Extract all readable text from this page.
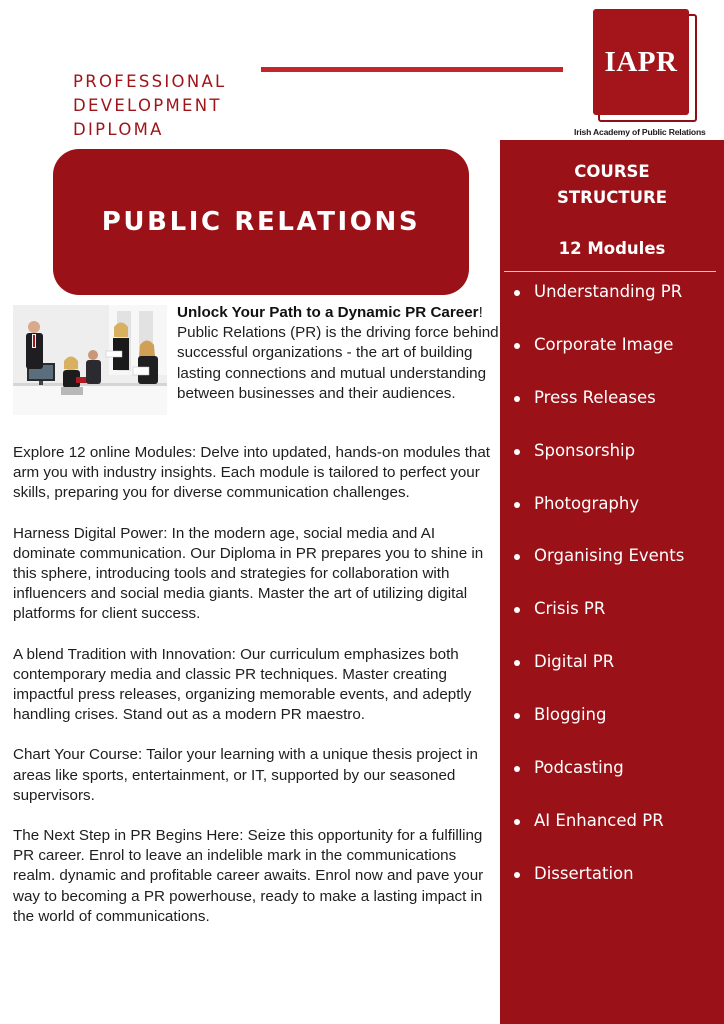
PROFESSIONAL
DEVELOPMENT
DIPLOMA
IAPR
Irish Academy of Public Relations
PUBLIC RELATIONS
COURSE
STRUCTURE
12 Modules
Understanding PR
Corporate Image
Press Releases
Sponsorship
Photography
Organising Events
Crisis PR
Digital PR
Blogging
Podcasting
AI Enhanced PR
Dissertation
Unlock Your Path to a Dynamic PR Career! Public Relations (PR) is the driving force behind successful organizations - the art of building lasting connections and mutual understanding between businesses and their audiences.
Explore 12 online Modules: Delve into updated, hands-on modules that arm you with industry insights. Each module is tailored to perfect your skills, preparing you for diverse communication challenges.
Harness Digital Power: In the modern age, social media and AI dominate communication. Our Diploma in PR prepares you to shine in this sphere, introducing tools and strategies for collaboration with influencers and social media giants. Master the art of utilizing digital platforms for client success.
A blend Tradition with Innovation: Our curriculum emphasizes both contemporary media and classic PR techniques. Master creating impactful press releases, organizing memorable events, and adeptly handling crises. Stand out as a modern PR maestro.
Chart Your Course: Tailor your learning with a unique thesis project in areas like sports, entertainment, or IT, supported by our seasoned supervisors.
The Next Step in PR Begins Here: Seize this opportunity for a fulfilling PR career. Enrol to leave an indelible mark in the communications realm. dynamic and profitable career awaits. Enrol now and pave your way to becoming a PR powerhouse, ready to make a lasting impact in the world of communications.
